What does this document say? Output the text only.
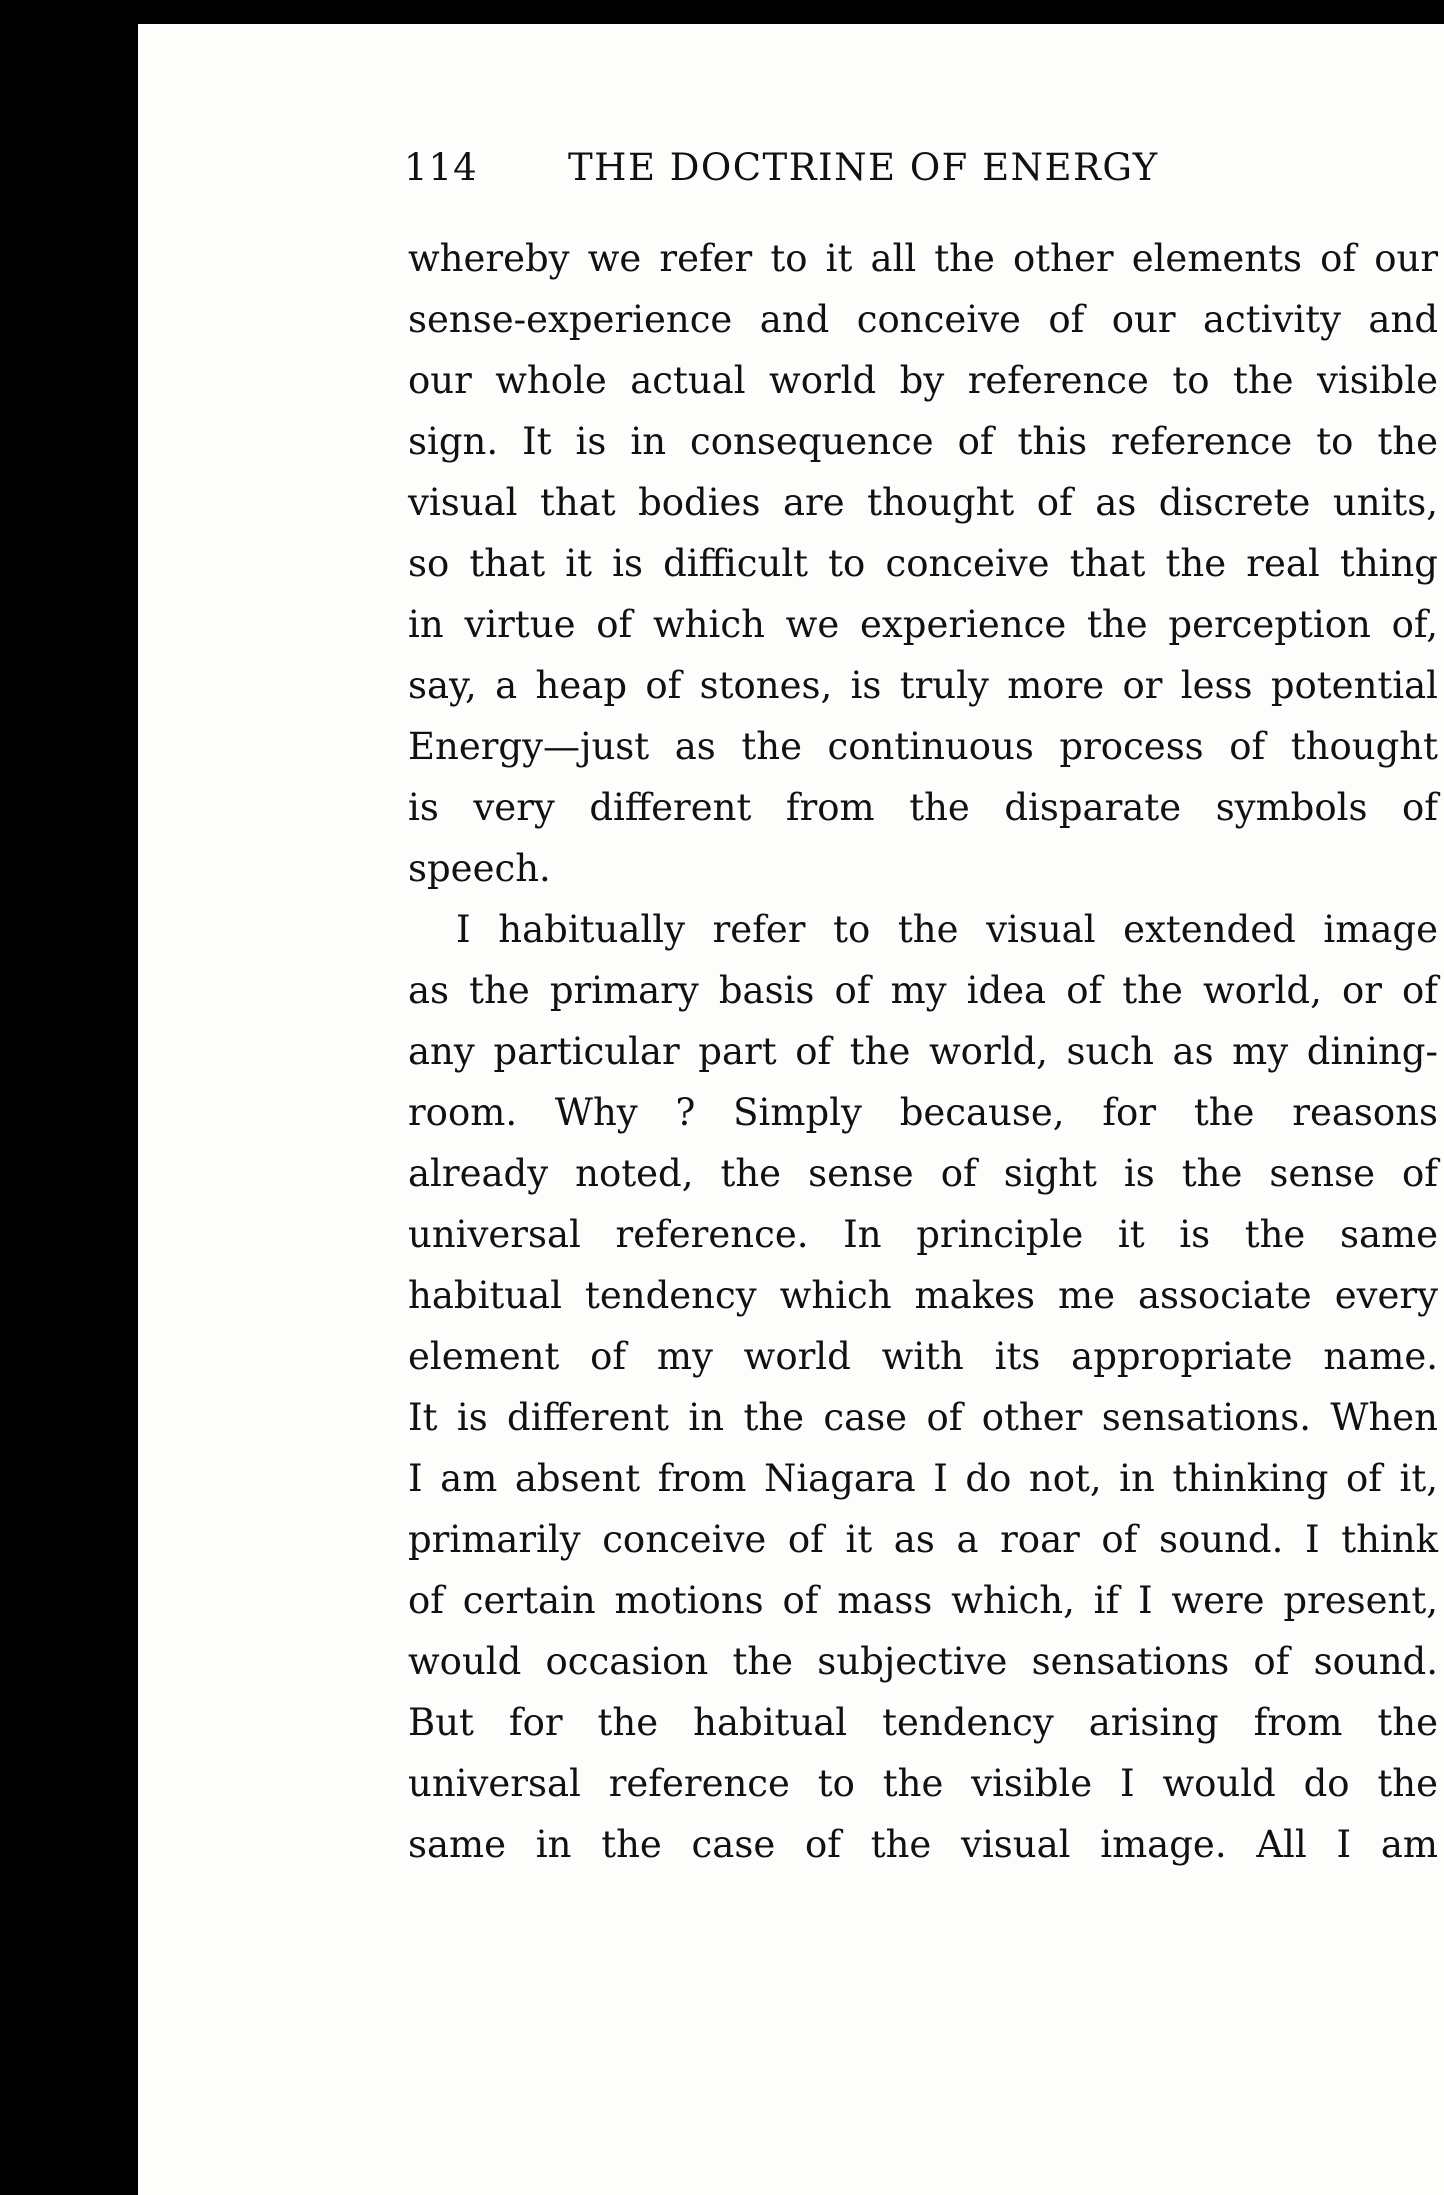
114 THE DOCTRINE OF ENERGY
whereby we refer to it all the other elements of our
sense-experience and conceive of our activity and
our whole actual world by reference to the visible
sign. It is in consequence of this reference to the
visual that bodies are thought of as discrete units,
so that it is difficult to conceive that the real thing
in virtue of which we experience the perception of,
say, a heap of stones, is truly more or less potential
Energy—just as the continuous process of thought
is very different from the disparate symbols of
speech.
I habitually refer to the visual extended image
as the primary basis of my idea of the world, or of
any particular part of the world, such as my dining-
room. Why ? Simply because, for the reasons
already noted, the sense of sight is the sense of
universal reference. In principle it is the same
habitual tendency which makes me associate every
element of my world with its appropriate name.
It is different in the case of other sensations. When
I am absent from Niagara I do not, in thinking of it,
primarily conceive of it as a roar of sound. I think
of certain motions of mass which, if I were present,
would occasion the subjective sensations of sound.
But for the habitual tendency arising from the
universal reference to the visible I would do the
same in the case of the visual image. All I am
